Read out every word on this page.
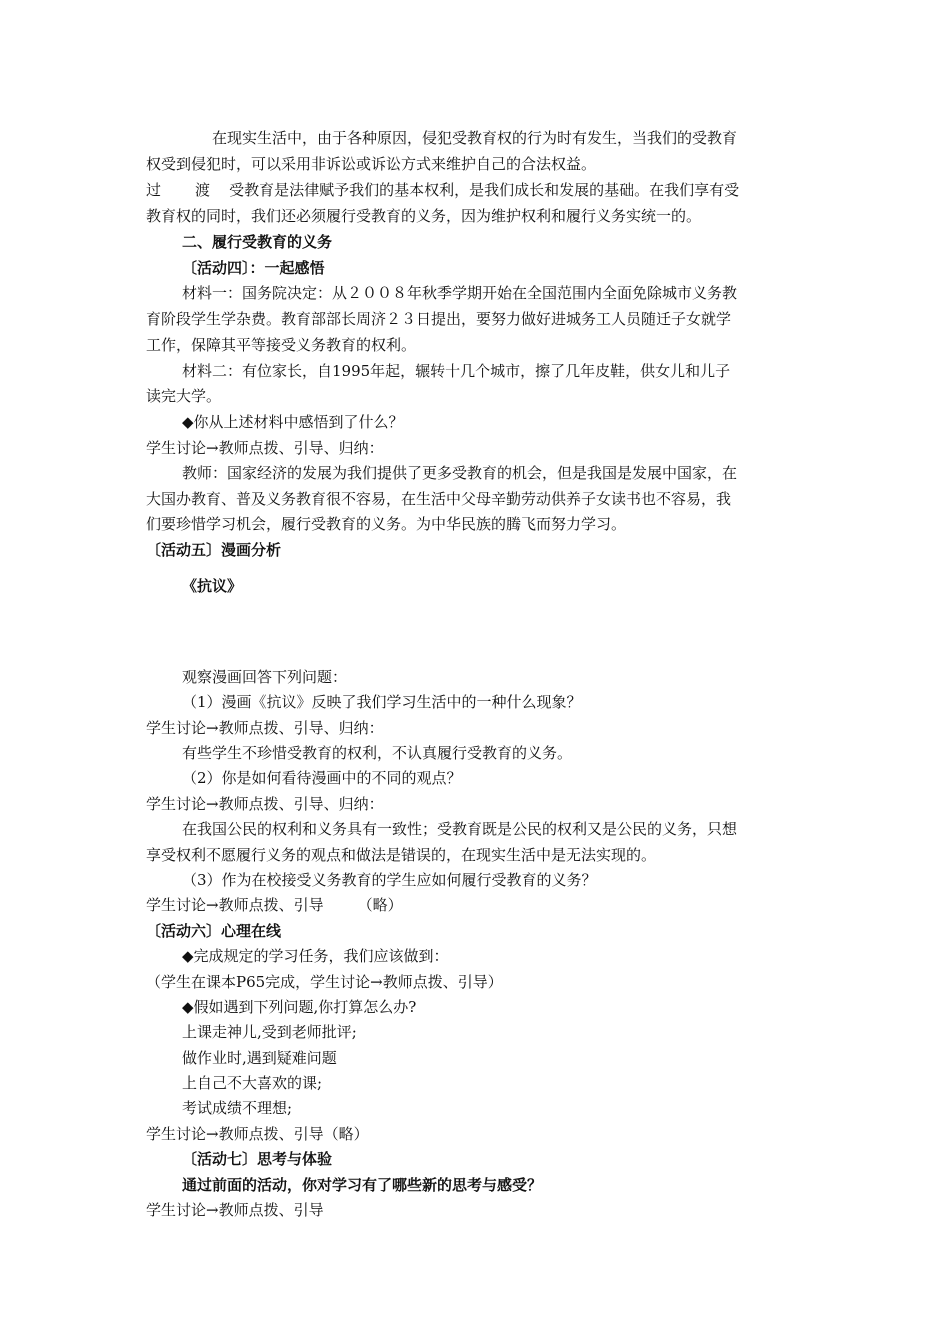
在现实生活中，由于各种原因，侵犯受教育权的行为时有发生，当我们的受教育
权受到侵犯时，可以采用非诉讼或诉讼方式来维护自己的合法权益。
过 渡 受教育是法律赋予我们的基本权利，是我们成长和发展的基础。在我们享有受
教育权的同时，我们还必须履行受教育的义务，因为维护权利和履行义务实统一的。
二、履行受教育的义务
〔活动四〕：一起感悟
材料一：国务院决定：从２００８年秋季学期开始在全国范围内全面免除城市义务教
育阶段学生学杂费。教育部部长周济２３日提出，要努力做好进城务工人员随迁子女就学
工作，保障其平等接受义务教育的权利。
材料二：有位家长，自1995年起，辗转十几个城市，擦了几年皮鞋，供女儿和儿子
读完大学。
◆你从上述材料中感悟到了什么？
学生讨论→教师点拨、引导、归纳：
教师：国家经济的发展为我们提供了更多受教育的机会，但是我国是发展中国家，在
大国办教育、普及义务教育很不容易，在生活中父母辛勤劳动供养子女读书也不容易，我
们要珍惜学习机会，履行受教育的义务。为中华民族的腾飞而努力学习。
〔活动五〕漫画分析
《抗议》
观察漫画回答下列问题：
（1）漫画《抗议》反映了我们学习生活中的一种什么现象？
学生讨论→教师点拨、引导、归纳：
有些学生不珍惜受教育的权利，不认真履行受教育的义务。
（2）你是如何看待漫画中的不同的观点？
学生讨论→教师点拨、引导、归纳：
在我国公民的权利和义务具有一致性；受教育既是公民的权利又是公民的义务，只想
享受权利不愿履行义务的观点和做法是错误的，在现实生活中是无法实现的。
（3）作为在校接受义务教育的学生应如何履行受教育的义务？
学生讨论→教师点拨、引导 （略）
〔活动六〕心理在线
◆完成规定的学习任务，我们应该做到：
（学生在课本P65完成，学生讨论→教师点拨、引导）
◆假如遇到下列问题,你打算怎么办?
上课走神儿,受到老师批评;
做作业时,遇到疑难问题
上自己不大喜欢的课;
考试成绩不理想;
学生讨论→教师点拨、引导（略）
〔活动七〕思考与体验
通过前面的活动，你对学习有了哪些新的思考与感受？
学生讨论→教师点拨、引导
